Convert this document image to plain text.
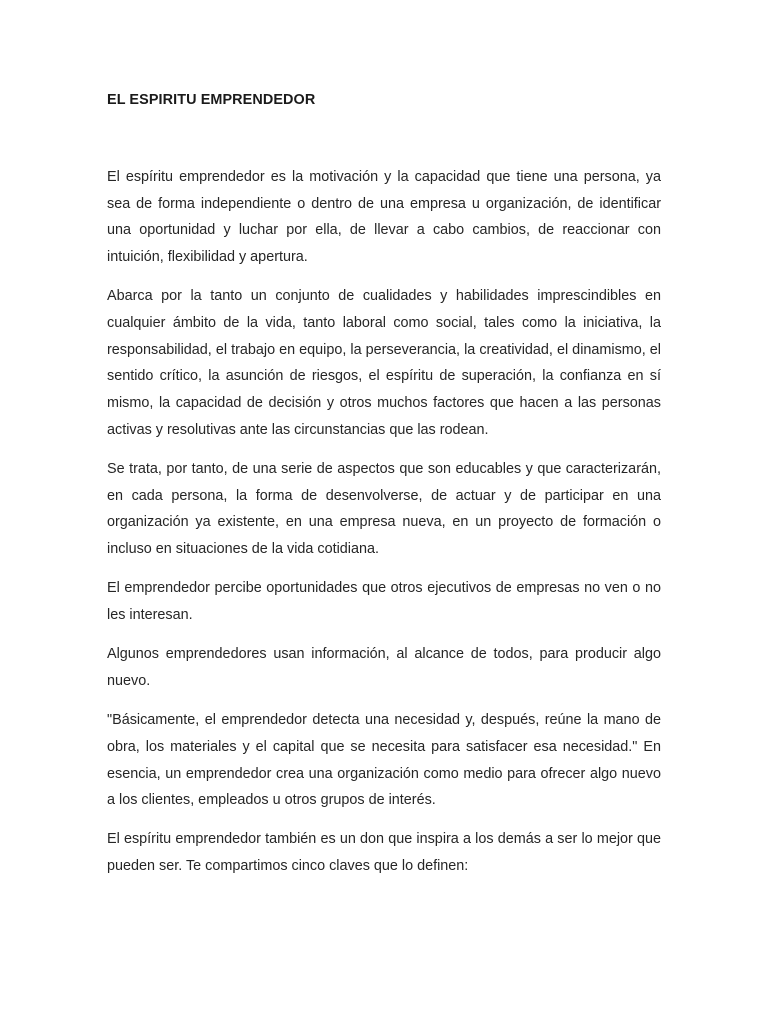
EL ESPIRITU EMPRENDEDOR

El espíritu emprendedor es la motivación y la capacidad que tiene una persona, ya sea de forma independiente o dentro de una empresa u organización, de identificar una oportunidad y luchar por ella, de llevar a cabo cambios, de reaccionar con intuición, flexibilidad y apertura.

Abarca por la tanto un conjunto de cualidades y habilidades imprescindibles en cualquier ámbito de la vida, tanto laboral como social, tales como la iniciativa, la responsabilidad, el trabajo en equipo, la perseverancia, la creatividad, el dinamismo, el sentido crítico, la asunción de riesgos, el espíritu de superación, la confianza en sí mismo, la capacidad de decisión y otros muchos factores que hacen a las personas activas y resolutivas ante las circunstancias que las rodean.

Se trata, por tanto, de una serie de aspectos que son educables y que caracterizarán, en cada persona, la forma de desenvolverse, de actuar y de participar en una organización ya existente, en una empresa nueva, en un proyecto de formación o incluso en situaciones de la vida cotidiana.

El emprendedor percibe oportunidades que otros ejecutivos de empresas no ven o no les interesan.

Algunos emprendedores usan información, al alcance de todos, para producir algo nuevo.

"Básicamente, el emprendedor detecta una necesidad y, después, reúne la mano de obra, los materiales y el capital que se necesita para satisfacer esa necesidad." En esencia, un emprendedor crea una organización como medio para ofrecer algo nuevo a los clientes, empleados u otros grupos de interés.

El espíritu emprendedor también es un don que inspira a los demás a ser lo mejor que pueden ser. Te compartimos cinco claves que lo definen:
